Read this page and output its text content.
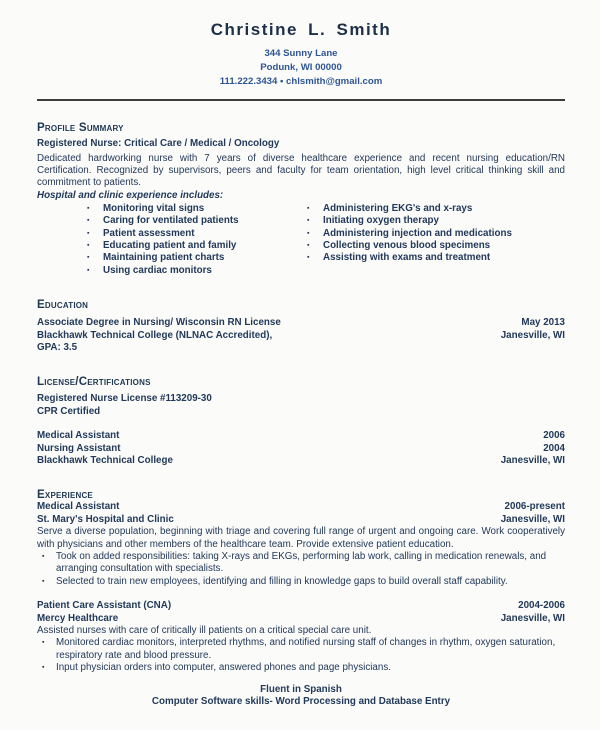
Christine L. Smith
344 Sunny Lane
Podunk, WI 00000
111.222.3434 • chlsmith@gmail.com
Profile Summary

Registered Nurse: Critical Care / Medical / Oncology

Dedicated hardworking nurse with 7 years of diverse healthcare experience and recent nursing education/RN Certification. Recognized by supervisors, peers and faculty for team orientation, high level critical thinking skill and commitment to patients.

Hospital and clinic experience includes:

▪	Monitoring vital signs
▪	Caring for ventilated patients
▪	Patient assessment
▪	Educating patient and family
▪	Maintaining patient charts
▪	Using cardiac monitors
▪	Administering EKG's and x-rays
▪	Initiating oxygen therapy
▪	Administering injection and medications
▪	Collecting venous blood specimens
▪	Assisting with exams and treatment
Education
Associate Degree in Nursing/ Wisconsin RN License	May 2013
Blackhawk Technical College (NLNAC Accredited),	Janesville, WI
GPA: 3.5
License/Certifications
Registered Nurse License #113209-30
CPR Certified
Medical Assistant	2006
Nursing Assistant	2004
Blackhawk Technical College	Janesville, WI
Experience
Medical Assistant	2006-present
St. Mary's Hospital and Clinic	Janesville, WI

Serve a diverse population, beginning with triage and covering full range of urgent and ongoing care. Work cooperatively with physicians and other members of the healthcare team. Provide extensive patient education.

▪	Took on added responsibilities: taking X-rays and EKGs, performing lab work, calling in medication renewals, and arranging consultation with specialists.
▪	Selected to train new employees, identifying and filling in knowledge gaps to build overall staff capability.
Patient Care Assistant (CNA)	2004-2006
Mercy Healthcare	Janesville, WI

Assisted nurses with care of critically ill patients on a critical special care unit.

▪	Monitored cardiac monitors, interpreted rhythms, and notified nursing staff of changes in rhythm, oxygen saturation, respiratory rate and blood pressure.
▪	Input physician orders into computer, answered phones and page physicians.
Fluent in Spanish
Computer Software skills- Word Processing and Database Entry
